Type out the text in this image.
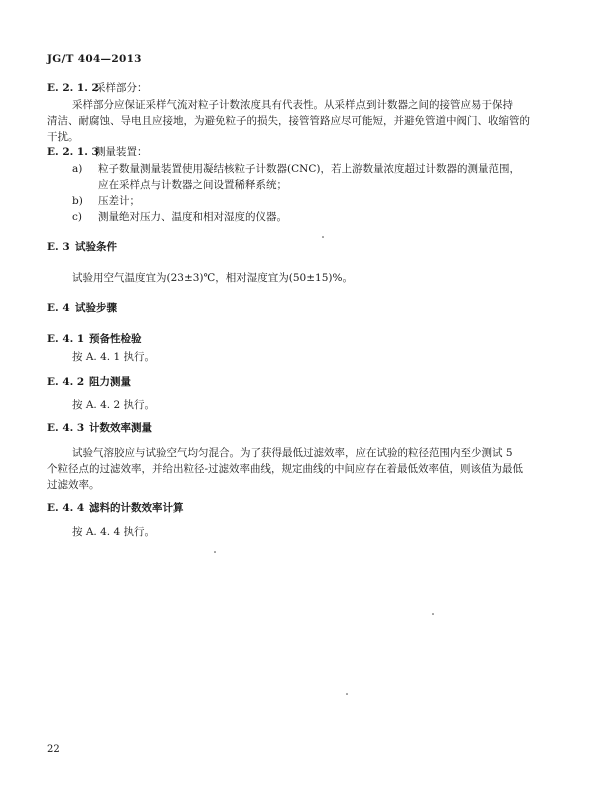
JG/T 404—2013
E. 2. 1. 2采样部分：
采样部分应保证采样气流对粒子计数浓度具有代表性。从采样点到计数器之间的接管应易于保持
清洁、耐腐蚀、导电且应接地，为避免粒子的损失，接管管路应尽可能短，并避免管道中阀门、收缩管的
干扰。
E. 2. 1. 3测量装置：
a) 粒子数量测量装置使用凝结核粒子计数器(CNC)，若上游数量浓度超过计数器的测量范围，
应在采样点与计数器之间设置稀释系统；
b) 压差计；
c) 测量绝对压力、温度和相对湿度的仪器。
E. 3 试验条件
试验用空气温度宜为(23±3)℃，相对湿度宜为(50±15)%。
E. 4 试验步骤
E. 4. 1 预备性检验
按 A. 4. 1 执行。
E. 4. 2 阻力测量
按 A. 4. 2 执行。
E. 4. 3 计数效率测量
试验气溶胶应与试验空气均匀混合。为了获得最低过滤效率，应在试验的粒径范围内至少测试 5
个粒径点的过滤效率，并给出粒径-过滤效率曲线，规定曲线的中间应存在着最低效率值，则该值为最低
过滤效率。
E. 4. 4 滤料的计数效率计算
按 A. 4. 4 执行。
22
